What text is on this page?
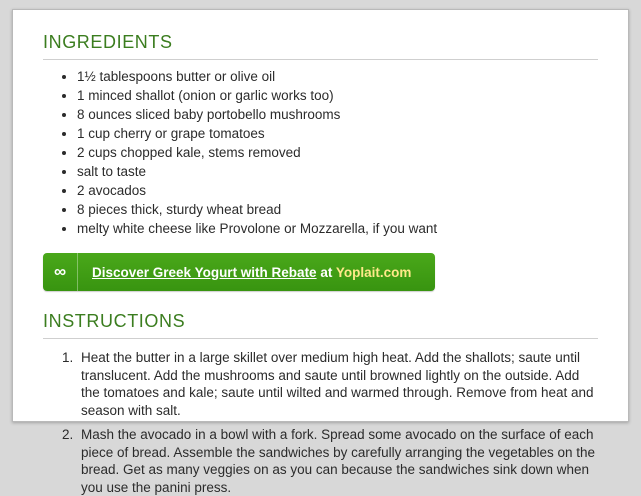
INGREDIENTS
• 1½ tablespoons butter or olive oil
• 1 minced shallot (onion or garlic works too)
• 8 ounces sliced baby portobello mushrooms
• 1 cup cherry or grape tomatoes
• 2 cups chopped kale, stems removed
• salt to taste
• 2 avocados
• 8 pieces thick, sturdy wheat bread
• melty white cheese like Provolone or Mozzarella, if you want
∞	Discover Greek Yogurt with Rebate at Yoplait.com
INSTRUCTIONS
1. Heat the butter in a large skillet over medium high heat. Add the shallots; saute until translucent. Add the mushrooms and saute until browned lightly on the outside. Add the tomatoes and kale; saute until wilted and warmed through. Remove from heat and season with salt.
2. Mash the avocado in a bowl with a fork. Spread some avocado on the surface of each piece of bread. Assemble the sandwiches by carefully arranging the vegetables on the bread. Get as many veggies on as you can because the sandwiches sink down when you use the panini press.
